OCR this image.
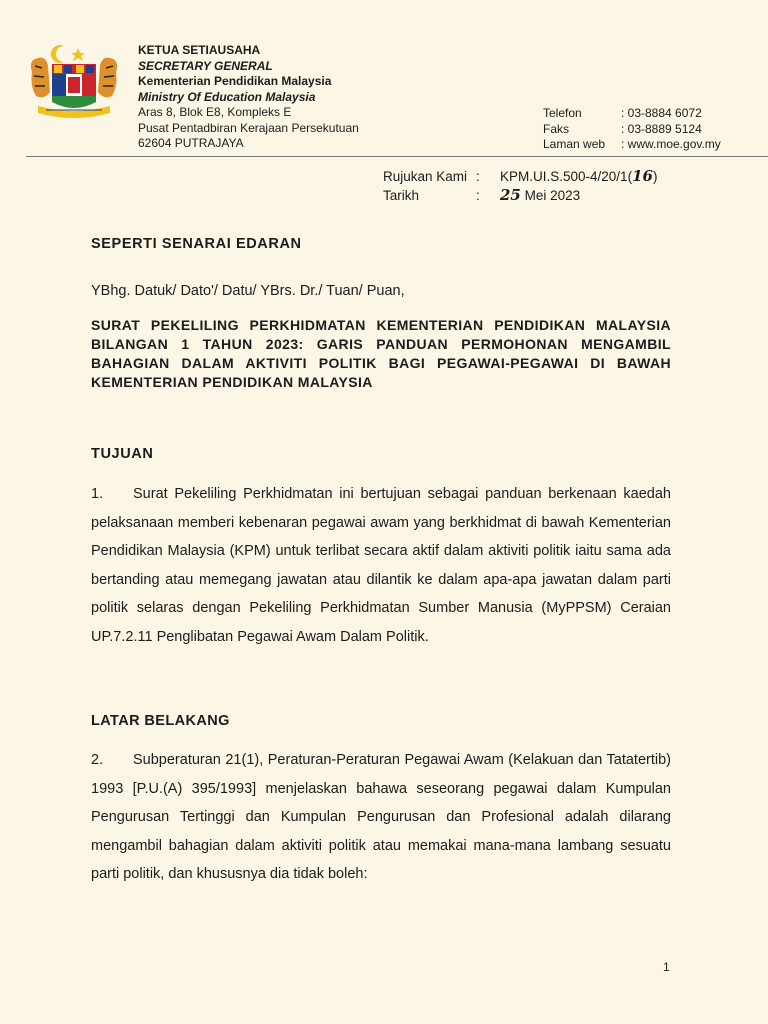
KETUA SETIAUSAHA
SECRETARY GENERAL
Kementerian Pendidikan Malaysia
Ministry Of Education Malaysia
Aras 8, Blok E8, Kompleks E
Pusat Pentadbiran Kerajaan Persekutuan
62604 PUTRAJAYA
Telefon	: 03-8884 6072
Faks	: 03-8889 5124
Laman web	: www.moe.gov.my
Rujukan Kami :	KPM.UI.S.500-4/20/1(16)
Tarikh	:	25 Mei 2023
SEPERTI SENARAI EDARAN
YBhg. Datuk/ Dato'/ Datu/ YBrs. Dr./ Tuan/ Puan,
SURAT PEKELILING PERKHIDMATAN KEMENTERIAN PENDIDIKAN MALAYSIA BILANGAN 1 TAHUN 2023: GARIS PANDUAN PERMOHONAN MENGAMBIL BAHAGIAN DALAM AKTIVITI POLITIK BAGI PEGAWAI-PEGAWAI DI BAWAH KEMENTERIAN PENDIDIKAN MALAYSIA
TUJUAN
1. Surat Pekeliling Perkhidmatan ini bertujuan sebagai panduan berkenaan kaedah pelaksanaan memberi kebenaran pegawai awam yang berkhidmat di bawah Kementerian Pendidikan Malaysia (KPM) untuk terlibat secara aktif dalam aktiviti politik iaitu sama ada bertanding atau memegang jawatan atau dilantik ke dalam apa-apa jawatan dalam parti politik selaras dengan Pekeliling Perkhidmatan Sumber Manusia (MyPPSM) Ceraian UP.7.2.11 Penglibatan Pegawai Awam Dalam Politik.
LATAR BELAKANG
2. Subperaturan 21(1), Peraturan-Peraturan Pegawai Awam (Kelakuan dan Tatatertib) 1993 [P.U.(A) 395/1993] menjelaskan bahawa seseorang pegawai dalam Kumpulan Pengurusan Tertinggi dan Kumpulan Pengurusan dan Profesional adalah dilarang mengambil bahagian dalam aktiviti politik atau memakai mana-mana lambang sesuatu parti politik, dan khususnya dia tidak boleh:
1
